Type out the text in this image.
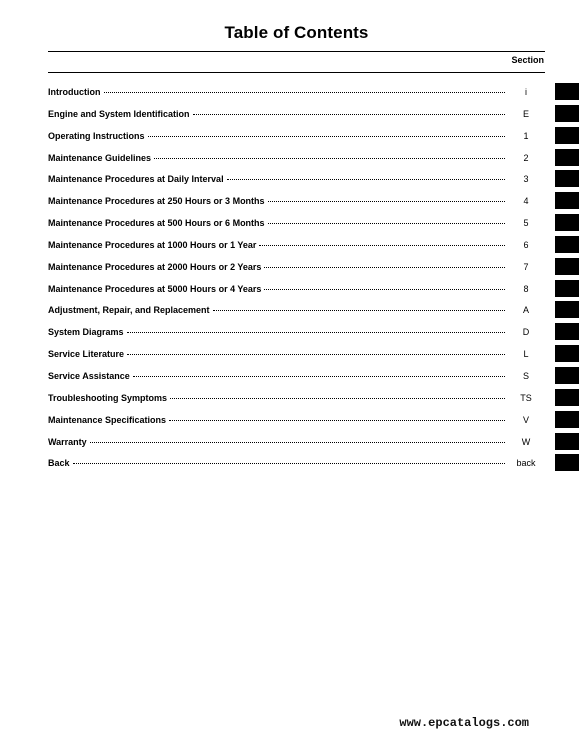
Table of Contents
Section
Introduction	i
Engine and System Identification	E
Operating Instructions	1
Maintenance Guidelines	2
Maintenance Procedures at Daily Interval	3
Maintenance Procedures at 250 Hours or 3 Months	4
Maintenance Procedures at 500 Hours or 6 Months	5
Maintenance Procedures at 1000 Hours or 1 Year	6
Maintenance Procedures at 2000 Hours or 2 Years	7
Maintenance Procedures at 5000 Hours or 4 Years	8
Adjustment, Repair, and Replacement	A
System Diagrams	D
Service Literature	L
Service Assistance	S
Troubleshooting Symptoms	TS
Maintenance Specifications	V
Warranty	W
Back	back
www.epcatalogs.com
